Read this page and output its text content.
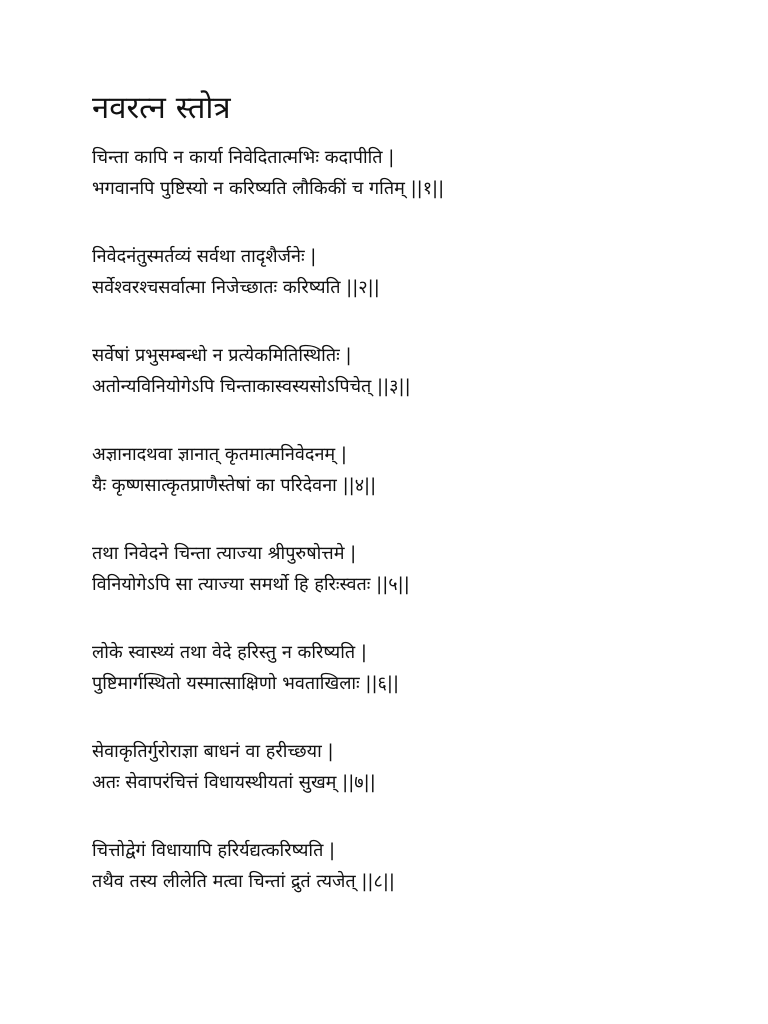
नवरत्न स्तोत्र
चिन्ता कापि न कार्या निवेदितात्मभिः कदापीति |
भगवानपि पुष्टिस्यो न करिष्यति लौकिकीं च गतिम् ||१||
निवेदनंतुस्मर्तव्यं सर्वथा तादृशैर्जनेः |
सर्वेश्वरश्चसर्वात्मा निजेच्छातः करिष्यति ||२||
सर्वेषां प्रभुसम्बन्धो न प्रत्येकमितिस्थितिः |
अतोन्यविनियोगेऽपि चिन्ताकास्वस्यसोऽपिचेत् ||३||
अज्ञानादथवा ज्ञानात् कृतमात्मनिवेदनम् |
यैः कृष्णसात्कृतप्राणैस्तेषां का परिदेवना ||४||
तथा निवेदने चिन्ता त्याज्या श्रीपुरुषोत्तमे |
विनियोगेऽपि सा त्याज्या समर्थो हि हरिःस्वतः ||५||
लोके स्वास्थ्यं तथा वेदे हरिस्तु न करिष्यति |
पुष्टिमार्गस्थितो यस्मात्साक्षिणो भवताखिलाः ||६||
सेवाकृतिर्गुरोराज्ञा बाधनं वा हरीच्छया |
अतः सेवापरंचित्तं विधायस्थीयतां सुखम् ||७||
चित्तोद्वेगं विधायापि हरिर्यद्यत्करिष्यति |
तथैव तस्य लीलेति मत्वा चिन्तां द्रुतं त्यजेत् ||८||
